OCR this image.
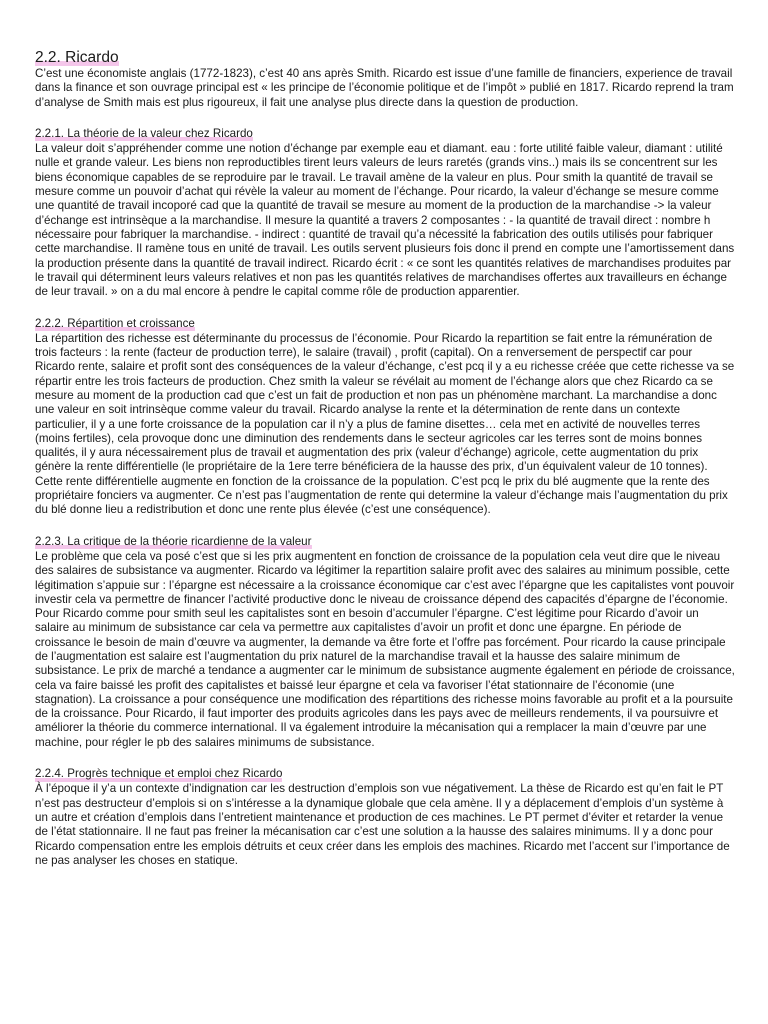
2.2. Ricardo

C’est une économiste anglais (1772-1823), c’est 40 ans après Smith. Ricardo est issue d’une famille de financiers, experience de travail dans la finance et son ouvrage principal est « les principe de l’économie politique et de l’impôt » publié en 1817. Ricardo reprend la tram d’analyse de Smith mais est plus rigoureux, il fait une analyse plus directe dans la question de production.

2.2.1. La théorie de la valeur chez Ricardo

La valeur doit s’appréhender comme une notion d’échange par exemple eau et diamant. eau : forte utilité faible valeur, diamant : utilité nulle et grande valeur. Les biens non reproductibles tirent leurs valeurs de leurs raretés (grands vins..) mais ils se concentrent sur les biens économique capables de se reproduire par le travail. Le travail amène de la valeur en plus. Pour smith la quantité de travail se mesure comme un pouvoir d’achat qui révèle la valeur au moment de l’échange. Pour ricardo, la valeur d’échange se mesure comme une quantité de travail incoporé cad que la quantité de travail se mesure au moment de la production de la marchandise -> la valeur d’échange est intrinsèque a la marchandise. Il mesure la quantité a travers 2 composantes : - la quantité de travail direct : nombre h nécessaire pour fabriquer la marchandise. - indirect : quantité de travail qu’a nécessité la fabrication des outils utilisés pour fabriquer cette marchandise. Il ramène tous en unité de travail. Les outils servent plusieurs fois donc il prend en compte une l’amortissement dans la production présente dans la quantité de travail indirect. Ricardo écrit : « ce sont les quantités relatives de marchandises produites par le travail qui déterminent leurs valeurs relatives et non pas les quantités relatives de marchandises offertes aux travailleurs en échange de leur travail. » on a du mal encore à pendre le capital comme rôle de production apparentier.

2.2.2. Répartition et croissance

La répartition des richesse est déterminante du processus de l’économie. Pour Ricardo la repartition se fait entre la rémunération de trois facteurs : la rente (facteur de production terre), le salaire (travail) , profit (capital). On a renversement de perspectif car pour Ricardo rente, salaire et profit sont des conséquences de la valeur d’échange, c’est pcq il y a eu richesse créée que cette richesse va se répartir entre les trois facteurs de production. Chez smith la valeur se révélait au moment de l’échange alors que chez Ricardo ca se mesure au moment de la production cad que c’est un fait de production et non pas un phénomène marchant. La marchandise a donc une valeur en soit intrinsèque comme valeur du travail. Ricardo analyse la rente et la détermination de rente dans un contexte particulier, il y a une forte croissance de la population car il n’y a plus de famine disettes… cela met en activité de nouvelles terres (moins fertiles), cela provoque donc une diminution des rendements dans le secteur agricoles car les terres sont de moins bonnes qualités, il y aura nécessairement plus de travail et augmentation des prix (valeur d’échange) agricole, cette augmentation du prix génère la rente différentielle (le propriétaire de la 1ere terre bénéficiera de la hausse des prix, d’un équivalent valeur de 10 tonnes). Cette rente différentielle augmente en fonction de la croissance de la population. C’est pcq le prix du blé augmente que la rente des propriétaire fonciers va augmenter. Ce n’est pas l’augmentation de rente qui determine la valeur d’échange mais l’augmentation du prix du blé donne lieu a redistribution et donc une rente plus élevée (c’est une conséquence).

2.2.3. La critique de la théorie ricardienne de la valeur

Le problème que cela va posé c’est que si les prix augmentent en fonction de croissance de la population cela veut dire que le niveau des salaires de subsistance va augmenter. Ricardo va légitimer la repartition salaire profit avec des salaires au minimum possible, cette légitimation s’appuie sur : l’épargne est nécessaire a la croissance économique car c’est avec l’épargne que les capitalistes vont pouvoir investir cela va permettre de financer l’activité productive donc le niveau de croissance dépend des capacités d’épargne de l’économie. Pour Ricardo comme pour smith seul les capitalistes sont en besoin d’accumuler l’épargne. C’est légitime pour Ricardo d’avoir un salaire au minimum de subsistance car cela va permettre aux capitalistes d’avoir un profit et donc une épargne. En période de croissance le besoin de main d’œuvre va augmenter, la demande va être forte et l’offre pas forcément. Pour ricardo la cause principale de l’augmentation est salaire est l’augmentation du prix naturel de la marchandise travail et la hausse des salaire minimum de subsistance. Le prix de marché a tendance a augmenter car le minimum de subsistance augmente également en période de croissance, cela va faire baissé les profit des capitalistes et baissé leur épargne et cela va favoriser l’état stationnaire de l’économie (une stagnation). La croissance a pour conséquence une modification des répartitions des richesse moins favorable au profit et a la poursuite de la croissance. Pour Ricardo, il faut importer des produits agricoles dans les pays avec de meilleurs rendements, il va poursuivre et améliorer la théorie du commerce international. Il va également introduire la mécanisation qui a remplacer la main d’œuvre par une machine, pour régler le pb des salaires minimums de subsistance.

2.2.4. Progrès technique et emploi chez Ricardo

À l’époque il y’a un contexte d’indignation car les destruction d’emplois son vue négativement. La thèse de Ricardo est qu’en fait le PT n’est pas destructeur d’emplois si on s’intéresse a la dynamique globale que cela amène. Il y a déplacement d’emplois d’un système à un autre et création d’emplois dans l’entretient maintenance et production de ces machines. Le PT permet d’éviter et retarder la venue de l’état stationnaire. Il ne faut pas freiner la mécanisation car c’est une solution a la hausse des salaires minimums. Il y a donc pour Ricardo compensation entre les emplois détruits et ceux créer dans les emplois des machines. Ricardo met l’accent sur l’importance de ne pas analyser les choses en statique.
